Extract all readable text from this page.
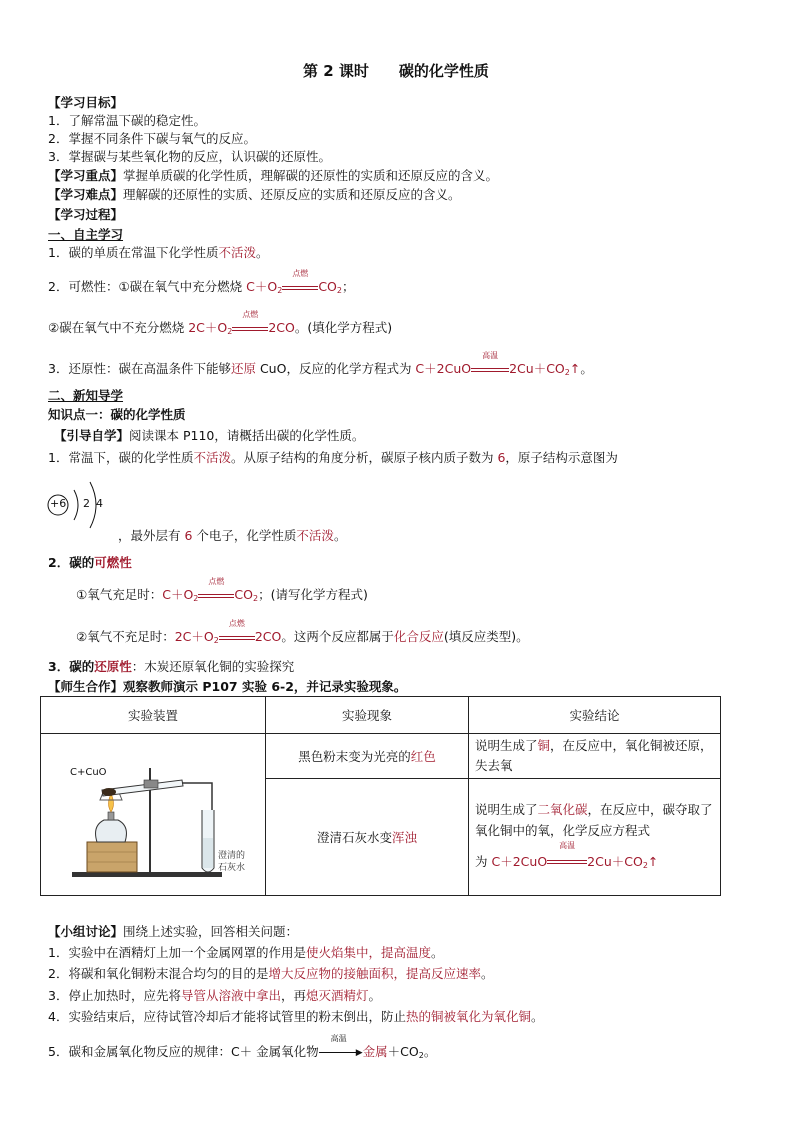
第 2 课时　　碳的化学性质
【学习目标】
1．了解常温下碳的稳定性。
2．掌握不同条件下碳与氧气的反应。
3．掌握碳与某些氧化物的反应，认识碳的还原性。
【学习重点】掌握单质碳的化学性质，理解碳的还原性的实质和还原反应的含义。
【学习难点】理解碳的还原性的实质、还原反应的实质和还原反应的含义。
【学习过程】
一、自主学习
1．碳的单质在常温下化学性质不活泼。
2．可燃性：①碳在氧气中充分燃烧 $C+O_2$
点燃
$CO_2$；
②碳在氧气中不充分燃烧 $2C+O_2$
点燃
2CO。(填化学方程式)
3．还原性：碳在高温条件下能够还原 CuO，反应的化学方程式为 C＋2CuO
高温
$2Cu+CO_2↑$。
二、新知导学
知识点一：碳的化学性质
【引导自学】阅读课本 P110，请概括出碳的化学性质。
1．常温下，碳的化学性质不活泼。从原子结构的角度分析，碳原子核内质子数为 6，原子结构示意图为
+6 2 4
，最外层有 6 个电子，化学性质不活泼。
2．碳的可燃性
①氧气充足时：$C+O_2$
点燃
$CO_2$；(请写化学方程式)
②氧气不充足时：$2C+O_2$
点燃
2CO。这两个反应都属于化合反应(填反应类型)。
3．碳的还原性：木炭还原氧化铜的实验探究
【师生合作】观察教师演示 P107 实验 6-2，并记录实验现象。
实验装置	实验现象	实验结论
	黑色粉末变为光亮的红色	说明生成了铜，在反应中，氧化铜被还原，失去氧
	澄清石灰水变浑浊	说明生成了二氧化碳，在反应中，碳夺取了氧化铜中的氧，化学反应方程式
为 C＋2CuO
高温
$2Cu+CO_2↑$
C+CuO
澄清的
石灰水
【小组讨论】围绕上述实验，回答相关问题：
1．实验中在酒精灯上加一个金属网罩的作用是使火焰集中，提高温度。
2．将碳和氧化铜粉末混合均匀的目的是增大反应物的接触面积，提高反应速率。
3．停止加热时，应先将导管从溶液中拿出，再熄灭酒精灯。
4．实验结束后，应待试管冷却后才能将试管里的粉末倒出，防止热的铜被氧化为氧化铜。
5．碳和金属氧化物反应的规律：C＋ 金属氧化物
高温
▶ 金属$+CO_2$。
